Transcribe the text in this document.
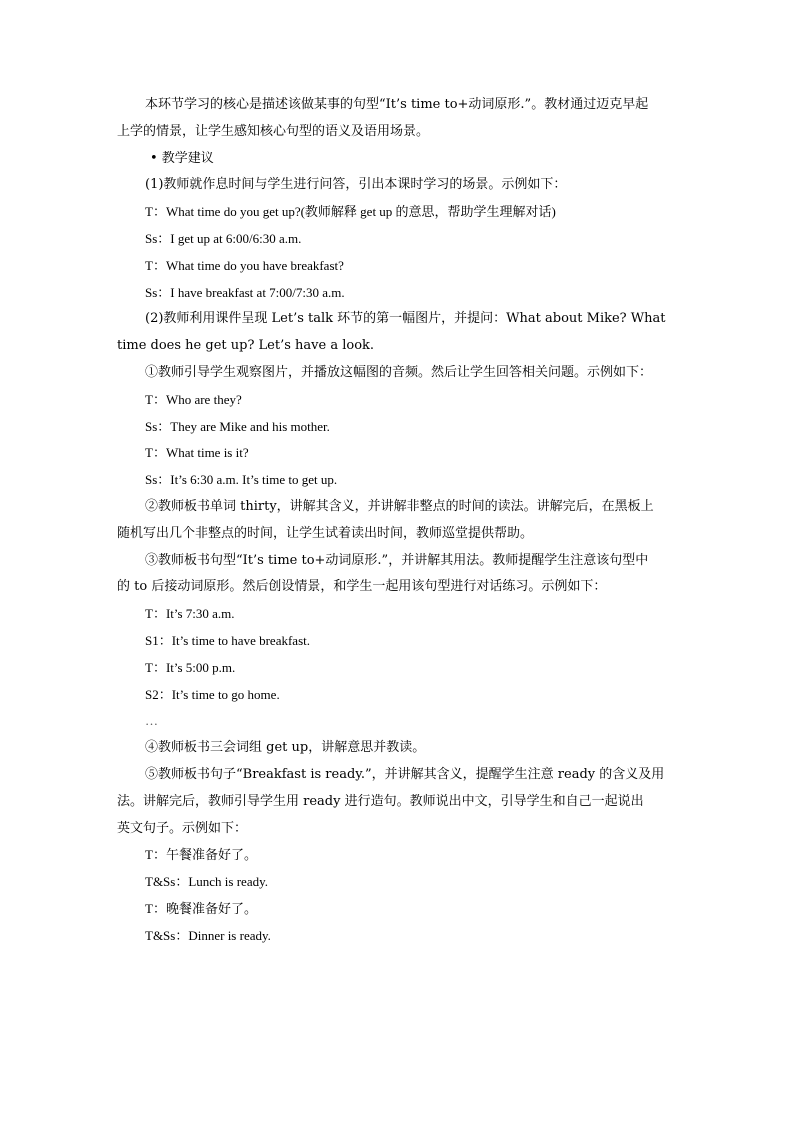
本环节学习的核心是描述该做某事的句型“It’s time to+动词原形.”。教材通过迈克早起
上学的情景，让学生感知核心句型的语义及语用场景。
• 教学建议
(1)教师就作息时间与学生进行问答，引出本课时学习的场景。示例如下：
T：What time do you get up?(教师解释 get up 的意思，帮助学生理解对话)
Ss：I get up at 6:00/6:30 a.m.
T：What time do you have breakfast?
Ss：I have breakfast at 7:00/7:30 a.m.
(2)教师利用课件呈现 Let’s talk 环节的第一幅图片，并提问：What about Mike? What
time does he get up? Let’s have a look.
①教师引导学生观察图片，并播放这幅图的音频。然后让学生回答相关问题。示例如下：
T：Who are they?
Ss：They are Mike and his mother.
T：What time is it?
Ss：It’s 6:30 a.m. It’s time to get up.
②教师板书单词 thirty，讲解其含义，并讲解非整点的时间的读法。讲解完后，在黑板上
随机写出几个非整点的时间，让学生试着读出时间，教师巡堂提供帮助。
③教师板书句型“It’s time to+动词原形.”，并讲解其用法。教师提醒学生注意该句型中
的 to 后接动词原形。然后创设情景，和学生一起用该句型进行对话练习。示例如下：
T：It’s 7:30 a.m.
S1：It’s time to have breakfast.
T：It’s 5:00 p.m.
S2：It’s time to go home.
…
④教师板书三会词组 get up，讲解意思并教读。
⑤教师板书句子“Breakfast is ready.”，并讲解其含义，提醒学生注意 ready 的含义及用
法。讲解完后，教师引导学生用 ready 进行造句。教师说出中文，引导学生和自己一起说出
英文句子。示例如下：
T：午餐准备好了。
T&Ss：Lunch is ready.
T：晚餐准备好了。
T&Ss：Dinner is ready.
